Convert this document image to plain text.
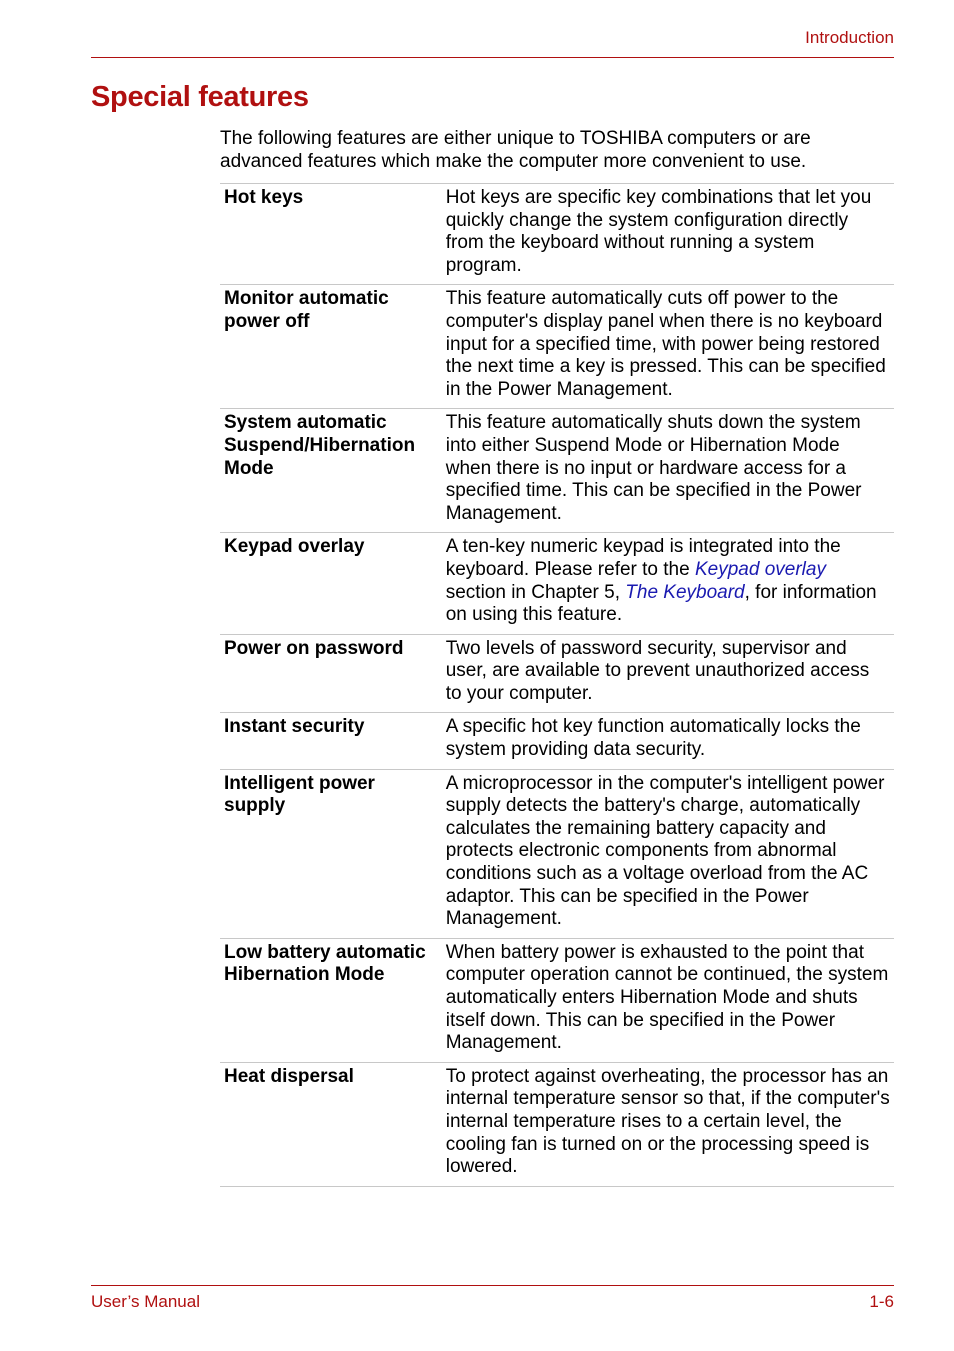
Introduction
Special features

The following features are either unique to TOSHIBA computers or are advanced features which make the computer more convenient to use.

Hot keys	Hot keys are specific key combinations that let you quickly change the system configuration directly from the keyboard without running a system program.
Monitor automatic power off	This feature automatically cuts off power to the computer's display panel when there is no keyboard input for a specified time, with power being restored the next time a key is pressed. This can be specified in the Power Management.
System automatic Suspend/Hibernation Mode	This feature automatically shuts down the system into either Suspend Mode or Hibernation Mode when there is no input or hardware access for a specified time. This can be specified in the Power Management.
Keypad overlay	A ten-key numeric keypad is integrated into the keyboard. Please refer to the Keypad overlay section in Chapter 5, The Keyboard, for information on using this feature.
Power on password	Two levels of password security, supervisor and user, are available to prevent unauthorized access to your computer.
Instant security	A specific hot key function automatically locks the system providing data security.
Intelligent power supply	A microprocessor in the computer's intelligent power supply detects the battery's charge, automatically calculates the remaining battery capacity and protects electronic components from abnormal conditions such as a voltage overload from the AC adaptor. This can be specified in the Power Management.
Low battery automatic Hibernation Mode	When battery power is exhausted to the point that computer operation cannot be continued, the system automatically enters Hibernation Mode and shuts itself down. This can be specified in the Power Management.
Heat dispersal	To protect against overheating, the processor has an internal temperature sensor so that, if the computer's internal temperature rises to a certain level, the cooling fan is turned on or the processing speed is lowered.
User’s Manual	1-6
